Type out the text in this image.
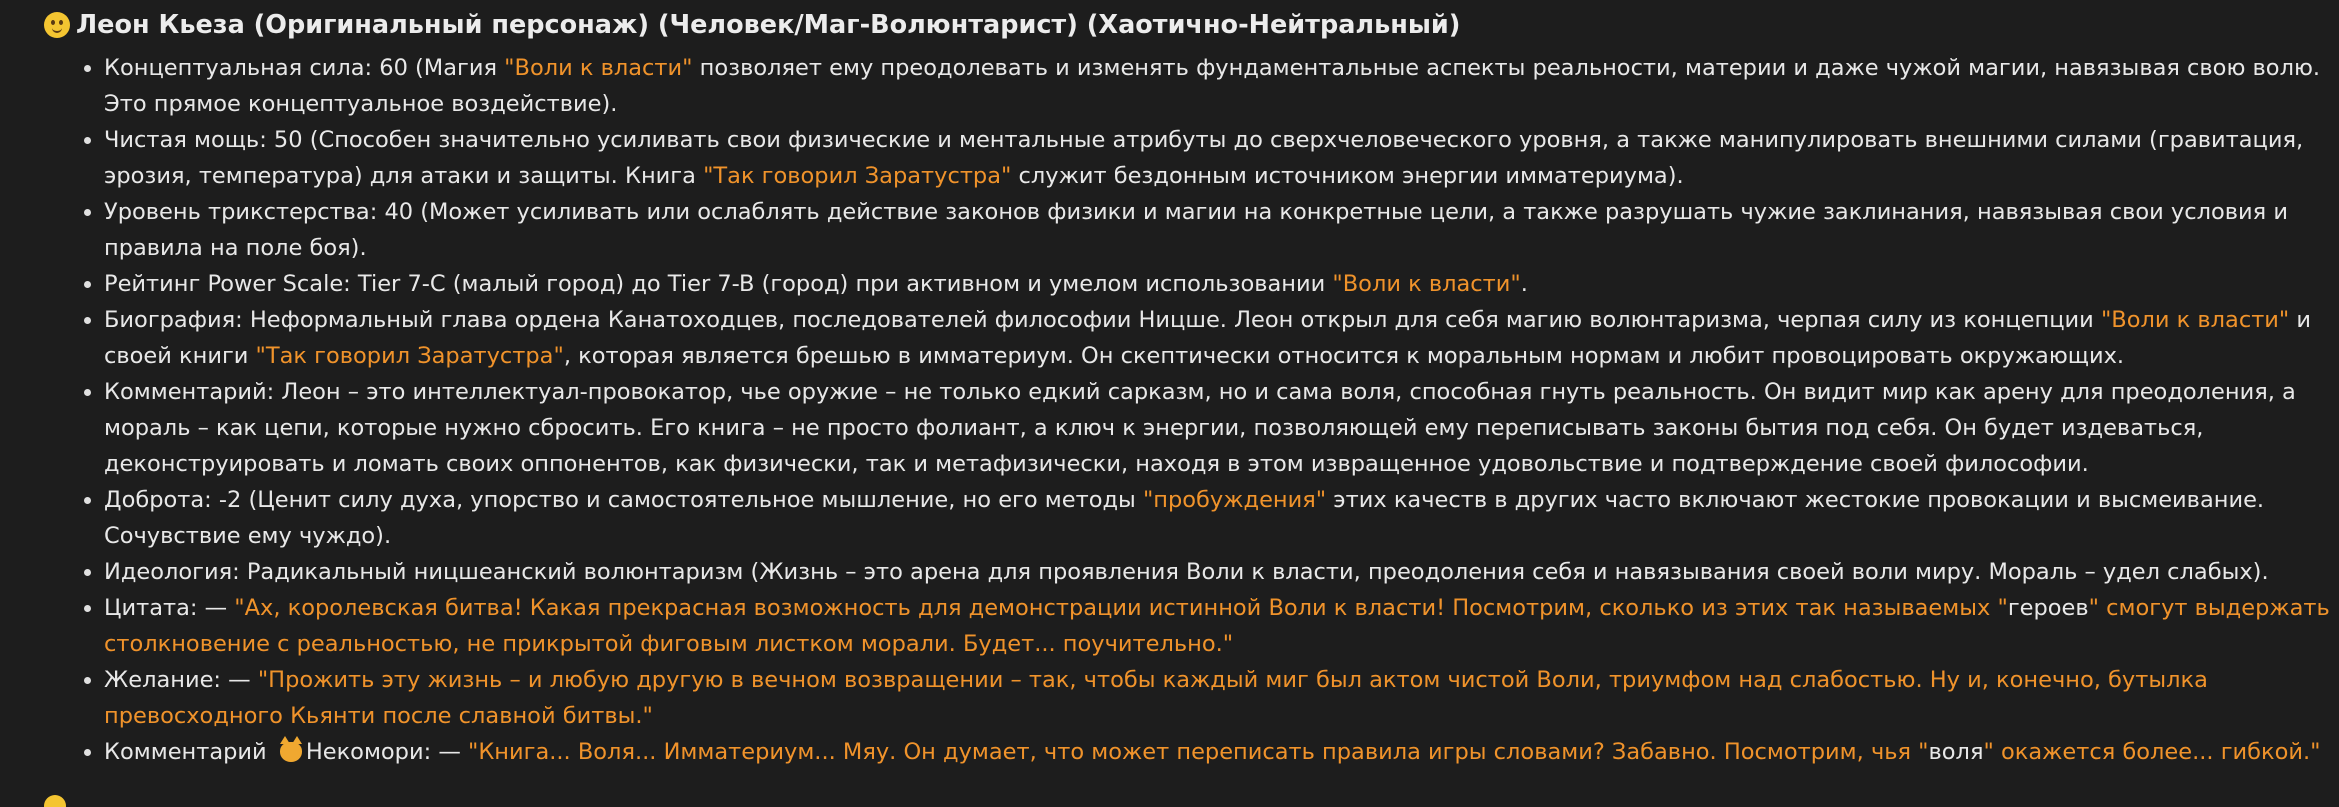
Леон Кьеза (Оригинальный персонаж) (Человек/Маг-Волюнтарист) (Хаотично-Нейтральный)
• Концептуальная сила: 60 (Магия "Воли к власти" позволяет ему преодолевать и изменять фундаментальные аспекты реальности, материи и даже чужой магии, навязывая свою волю. Это прямое концептуальное воздействие).
• Чистая мощь: 50 (Способен значительно усиливать свои физические и ментальные атрибуты до сверхчеловеческого уровня, а также манипулировать внешними силами (гравитация, эрозия, температура) для атаки и защиты. Книга "Так говорил Заратустра" служит бездонным источником энергии имматериума).
• Уровень трикстерства: 40 (Может усиливать или ослаблять действие законов физики и магии на конкретные цели, а также разрушать чужие заклинания, навязывая свои условия и правила на поле боя).
• Рейтинг Power Scale: Tier 7-C (малый город) до Tier 7-B (город) при активном и умелом использовании "Воли к власти".
• Биография: Неформальный глава ордена Канатоходцев, последователей философии Ницше. Леон открыл для себя магию волюнтаризма, черпая силу из концепции "Воли к власти" и своей книги "Так говорил Заратустра", которая является брешью в имматериум. Он скептически относится к моральным нормам и любит провоцировать окружающих.
• Комментарий: Леон – это интеллектуал-провокатор, чье оружие – не только едкий сарказм, но и сама воля, способная гнуть реальность. Он видит мир как арену для преодоления, а мораль – как цепи, которые нужно сбросить. Его книга – не просто фолиант, а ключ к энергии, позволяющей ему переписывать законы бытия под себя. Он будет издеваться, деконструировать и ломать своих оппонентов, как физически, так и метафизически, находя в этом извращенное удовольствие и подтверждение своей философии.
• Доброта: -2 (Ценит силу духа, упорство и самостоятельное мышление, но его методы "пробуждения" этих качеств в других часто включают жестокие провокации и высмеивание. Сочувствие ему чуждо).
• Идеология: Радикальный ницшеанский волюнтаризм (Жизнь – это арена для проявления Воли к власти, преодоления себя и навязывания своей воли миру. Мораль – удел слабых).
• Цитата: — "Ах, королевская битва! Какая прекрасная возможность для демонстрации истинной Воли к власти! Посмотрим, сколько из этих так называемых "героев" смогут выдержать столкновение с реальностью, не прикрытой фиговым листком морали. Будет... поучительно."
• Желание: — "Прожить эту жизнь – и любую другую в вечном возвращении – так, чтобы каждый миг был актом чистой Воли, триумфом над слабостью. Ну и, конечно, бутылка превосходного Кьянти после славной битвы."
• Комментарий Некомори: — "Книга... Воля... Имматериум... Мяу. Он думает, что может переписать правила игры словами? Забавно. Посмотрим, чья "воля" окажется более... гибкой."
